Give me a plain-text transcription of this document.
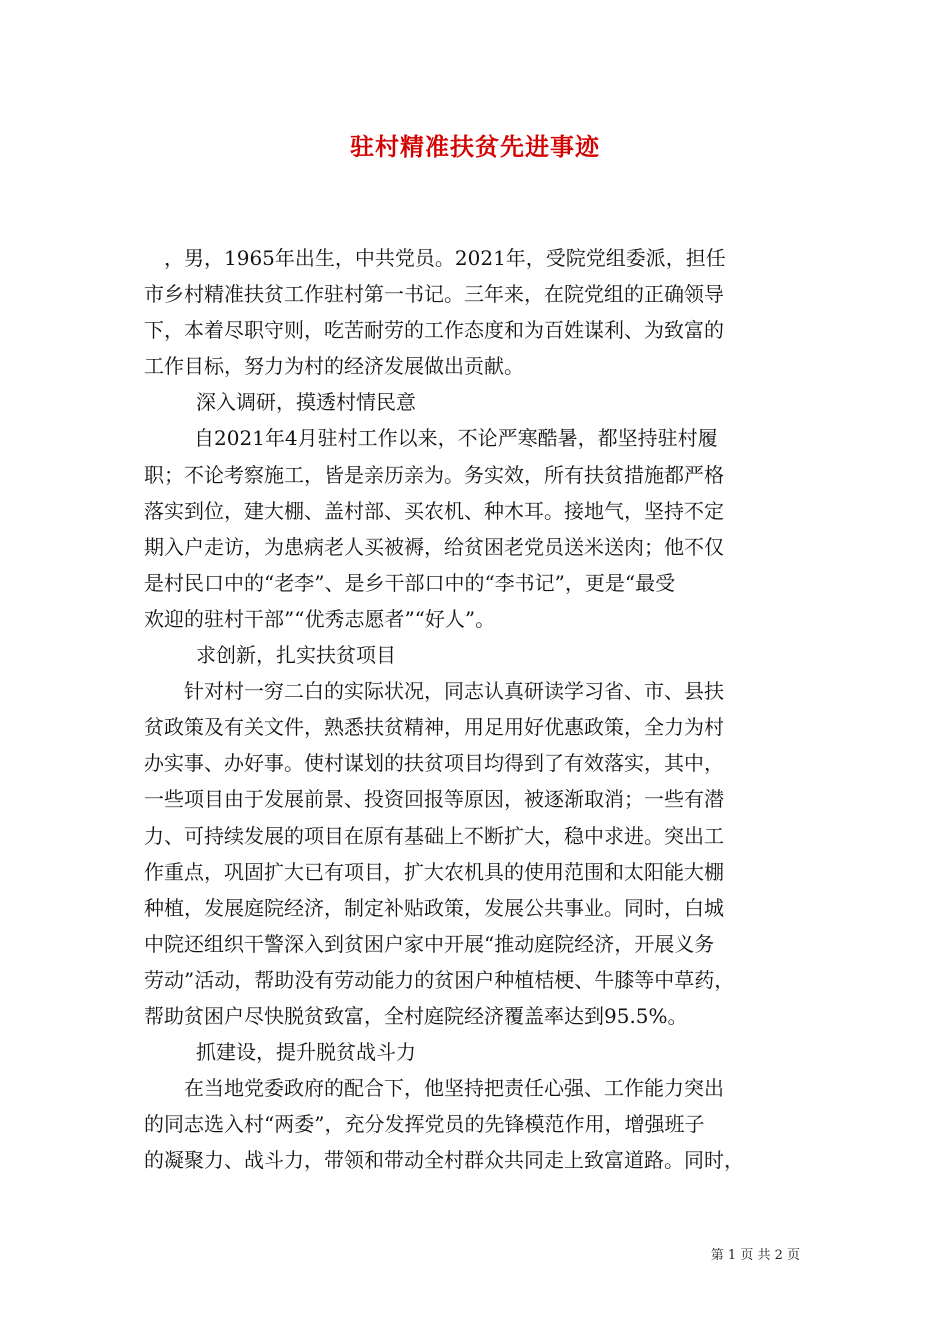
驻村精准扶贫先进事迹
，男，1965年出生，中共党员。2021年，受院党组委派，担任
市乡村精准扶贫工作驻村第一书记。三年来，在院党组的正确领导
下，本着尽职守则，吃苦耐劳的工作态度和为百姓谋利、为致富的
工作目标，努力为村的经济发展做出贡献。
深入调研，摸透村情民意
自2021年4月驻村工作以来，不论严寒酷暑，都坚持驻村履
职；不论考察施工，皆是亲历亲为。务实效，所有扶贫措施都严格
落实到位，建大棚、盖村部、买农机、种木耳。接地气，坚持不定
期入户走访，为患病老人买被褥，给贫困老党员送米送肉；他不仅
是村民口中的“老李”、是乡干部口中的“李书记”，更是“最受
欢迎的驻村干部”“优秀志愿者”“好人”。
求创新，扎实扶贫项目
针对村一穷二白的实际状况，同志认真研读学习省、市、县扶
贫政策及有关文件，熟悉扶贫精神，用足用好优惠政策，全力为村
办实事、办好事。使村谋划的扶贫项目均得到了有效落实，其中，
一些项目由于发展前景、投资回报等原因，被逐渐取消；一些有潜
力、可持续发展的项目在原有基础上不断扩大，稳中求进。突出工
作重点，巩固扩大已有项目，扩大农机具的使用范围和太阳能大棚
种植，发展庭院经济，制定补贴政策，发展公共事业。同时，白城
中院还组织干警深入到贫困户家中开展“推动庭院经济，开展义务
劳动”活动，帮助没有劳动能力的贫困户种植桔梗、牛膝等中草药，
帮助贫困户尽快脱贫致富，全村庭院经济覆盖率达到95.5%。
抓建设，提升脱贫战斗力
在当地党委政府的配合下，他坚持把责任心强、工作能力突出
的同志选入村“两委”，充分发挥党员的先锋模范作用，增强班子
的凝聚力、战斗力，带领和带动全村群众共同走上致富道路。同时，
第 1 页 共 2 页
